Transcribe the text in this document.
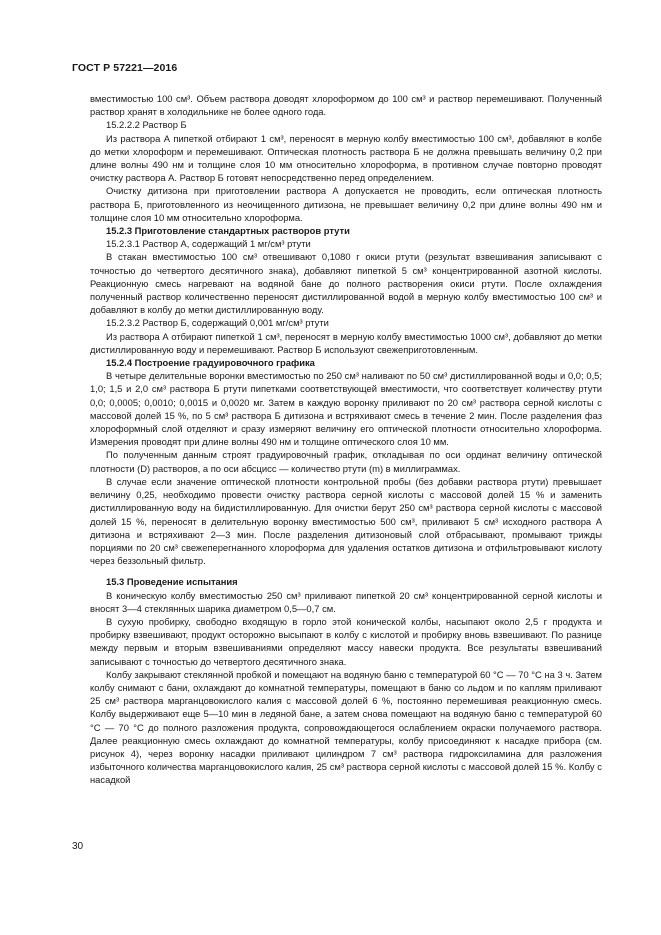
ГОСТ Р 57221—2016

вместимостью 100 см³. Объем раствора доводят хлороформом до 100 см³ и раствор перемешивают. Полученный раствор хранят в холодильнике не более одного года.

15.2.2.2 Раствор Б

Из раствора А пипеткой отбирают 1 см³, переносят в мерную колбу вместимостью 100 см³, добавляют в колбе до метки хлороформ и перемешивают. Оптическая плотность раствора Б не должна превышать величину 0,2 при длине волны 490 нм и толщине слоя 10 мм относительно хлороформа, в противном случае повторно проводят очистку раствора А. Раствор Б готовят непосредственно перед определением.

Очистку дитизона при приготовлении раствора А допускается не проводить, если оптическая плотность раствора Б, приготовленного из неочищенного дитизона, не превышает величину 0,2 при длине волны 490 нм и толщине слоя 10 мм относительно хлороформа.

15.2.3 Приготовление стандартных растворов ртути

15.2.3.1 Раствор А, содержащий 1 мг/см³ ртути

В стакан вместимостью 100 см³ отвешивают 0,1080 г окиси ртути (результат взвешивания записывают с точностью до четвертого десятичного знака), добавляют пипеткой 5 см³ концентрированной азотной кислоты. Реакционную смесь нагревают на водяной бане до полного растворения окиси ртути. После охлаждения полученный раствор количественно переносят дистиллированной водой в мерную колбу вместимостью 100 см³ и добавляют в колбу до метки дистиллированную воду.

15.2.3.2 Раствор Б, содержащий 0,001 мг/см³ ртути

Из раствора А отбирают пипеткой 1 см³, переносят в мерную колбу вместимостью 1000 см³, добавляют до метки дистиллированную воду и перемешивают. Раствор Б используют свежеприготовленным.

15.2.4 Построение градуировочного графика

В четыре делительные воронки вместимостью по 250 см³ наливают по 50 см³ дистиллированной воды и 0,0; 0,5; 1,0; 1,5 и 2,0 см³ раствора Б ртути пипетками соответствующей вместимости, что соответствует количеству ртути 0,0; 0,0005; 0,0010; 0,0015 и 0,0020 мг. Затем в каждую воронку приливают по 20 см³ раствора серной кислоты с массовой долей 15 %, по 5 см³ раствора Б дитизона и встряхивают смесь в течение 2 мин. После разделения фаз хлороформный слой отделяют и сразу измеряют величину его оптической плотности относительно хлороформа. Измерения проводят при длине волны 490 нм и толщине оптического слоя 10 мм.

По полученным данным строят градуировочный график, откладывая по оси ординат величину оптической плотности (D) растворов, а по оси абсцисс — количество ртути (m) в миллиграммах.

В случае если значение оптической плотности контрольной пробы (без добавки раствора ртути) превышает величину 0,25, необходимо провести очистку раствора серной кислоты с массовой долей 15 % и заменить дистиллированную воду на бидистиллированную. Для очистки берут 250 см³ раствора серной кислоты с массовой долей 15 %, переносят в делительную воронку вместимостью 500 см³, приливают 5 см³ исходного раствора А дитизона и встряхивают 2—3 мин. После разделения дитизоновый слой отбрасывают, промывают трижды порциями по 20 см³ свежеперегнанного хлороформа для удаления остатков дитизона и отфильтровывают кислоту через беззольный фильтр.

15.3 Проведение испытания

В коническую колбу вместимостью 250 см³ приливают пипеткой 20 см³ концентрированной серной кислоты и вносят 3—4 стеклянных шарика диаметром 0,5—0,7 см.

В сухую пробирку, свободно входящую в горло этой конической колбы, насыпают около 2,5 г продукта и пробирку взвешивают, продукт осторожно высыпают в колбу с кислотой и пробирку вновь взвешивают. По разнице между первым и вторым взвешиваниями определяют массу навески продукта. Все результаты взвешиваний записывают с точностью до четвертого десятичного знака.

Колбу закрывают стеклянной пробкой и помещают на водяную баню с температурой 60 °С — 70 °С на 3 ч. Затем колбу снимают с бани, охлаждают до комнатной температуры, помещают в баню со льдом и по каплям приливают 25 см³ раствора марганцовокислого калия с массовой долей 6 %, постоянно перемешивая реакционную смесь. Колбу выдерживают еще 5—10 мин в ледяной бане, а затем снова помещают на водяную баню с температурой 60 °С — 70 °С до полного разложения продукта, сопровождающегося ослаблением окраски получаемого раствора. Далее реакционную смесь охлаждают до комнатной температуры, колбу присоединяют к насадке прибора (см. рисунок 4), через воронку насадки приливают цилиндром 7 см³ раствора гидроксиламина для разложения избыточного количества марганцовокислого калия, 25 см³ раствора серной кислоты с массовой долей 15 %. Колбу с насадкой

30
